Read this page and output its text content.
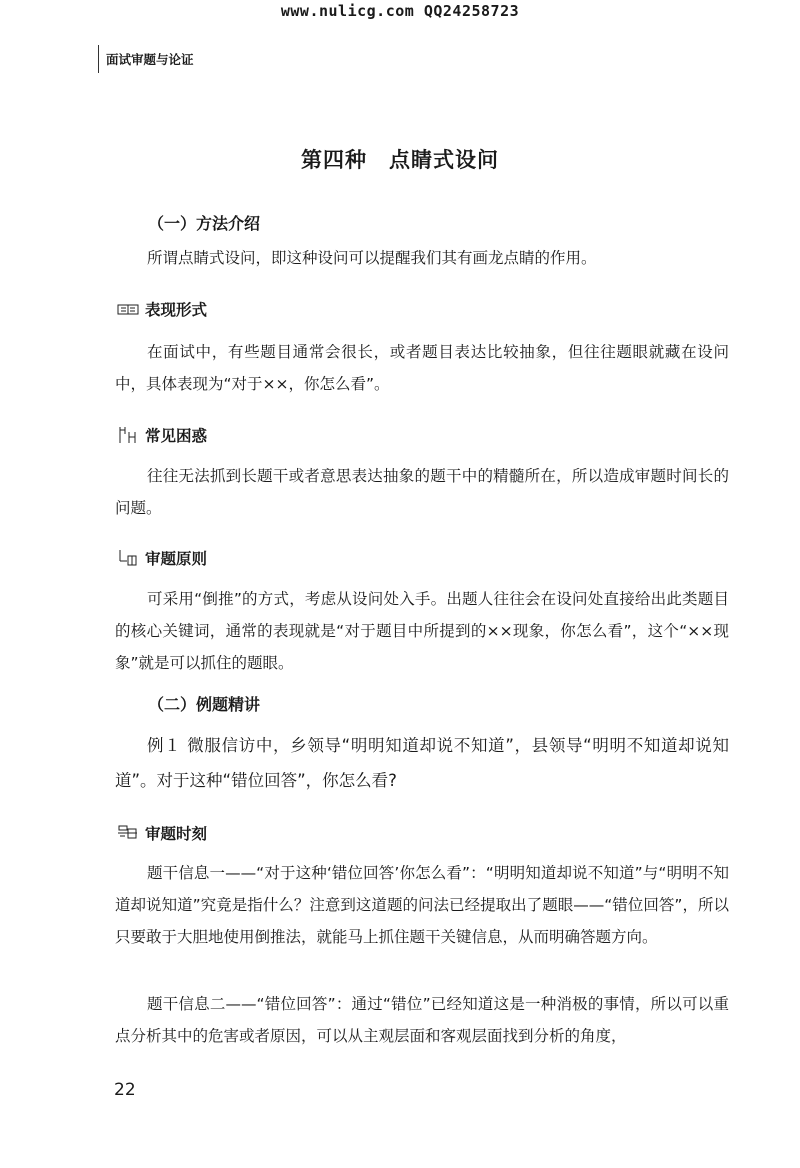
www.nulicg.com QQ24258723
面试审题与论证
第四种　点睛式设问
（一）方法介绍
所谓点睛式设问，即这种设问可以提醒我们其有画龙点睛的作用。
表现形式
在面试中，有些题目通常会很长，或者题目表达比较抽象，但往往题眼就藏在设问中，具体表现为“对于××，你怎么看”。
常见困惑
往往无法抓到长题干或者意思表达抽象的题干中的精髓所在，所以造成审题时间长的问题。
审题原则
可采用“倒推”的方式，考虑从设问处入手。出题人往往会在设问处直接给出此类题目的核心关键词，通常的表现就是“对于题目中所提到的××现象，你怎么看”，这个“××现象”就是可以抓住的题眼。
（二）例题精讲
例１ 微服信访中，乡领导“明明知道却说不知道”，县领导“明明不知道却说知道”。对于这种“错位回答”，你怎么看?
审题时刻
题干信息一——“对于这种‘错位回答’你怎么看”：“明明知道却说不知道”与“明明不知道却说知道”究竟是指什么？注意到这道题的问法已经提取出了题眼——“错位回答”，所以只要敢于大胆地使用倒推法，就能马上抓住题干关键信息，从而明确答题方向。
题干信息二——“错位回答”：通过“错位”已经知道这是一种消极的事情，所以可以重点分析其中的危害或者原因，可以从主观层面和客观层面找到分析的角度，
22
